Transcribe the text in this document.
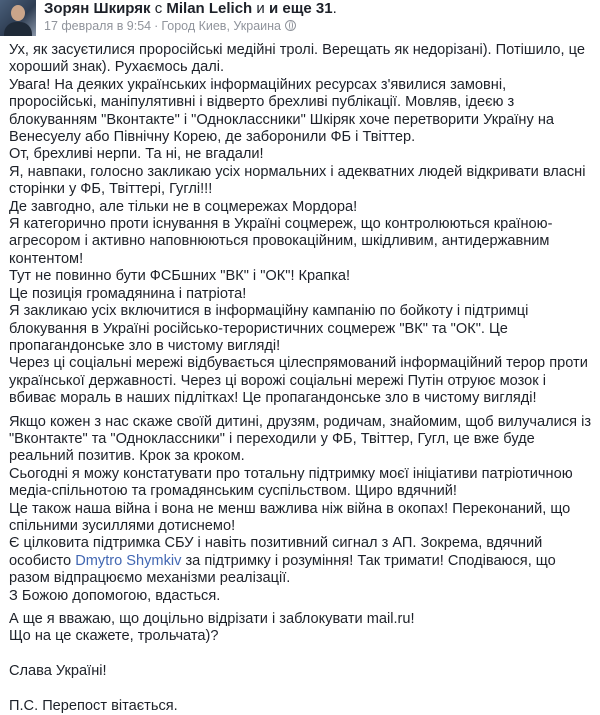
Зорян Шкиряк с Milan Lelich и и еще 31.
17 февраля в 9:54 · Город Киев, Украина

Ух, як засуєтилися проросійські медійні тролі. Верещать як недорізані). Потішило, це хороший знак). Рухаємось далі.

Увага! На деяких українських інформаційних ресурсах з'явилися замовні, проросійські, маніпулятивні і відверто брехливі публікації. Мовляв, ідеєю з блокуванням "Вконтакте" і "Одноклассники" Шкіряк хоче перетворити Україну на Венесуелу або Північну Корею, де заборонили ФБ і Твіттер.

От, брехливі нерпи. Та ні, не вгадали!

Я, навпаки, голосно закликаю усіх нормальних і адекватних людей відкривати власні сторінки у ФБ, Твіттері, Гуглі!!!

Де завгодно, але тільки не в соцмережах Мордора!

Я категорично проти існування в Україні соцмереж, що контролюються країною-агресором і активно наповнюються провокаційним, шкідливим, антидержавним контентом!

Тут не повинно бути ФСБшних "ВК" і "ОК"! Крапка!

Це позиція громадянина і патріота!

Я закликаю усіх включитися в інформаційну кампанію по бойкоту і підтримці блокування в Україні російсько-терористичних соцмереж "ВК" та "ОК". Це пропагандонське зло в чистому вигляді!

Через ці соціальні мережі відбувається цілеспрямований інформаційний терор проти української державності. Через ці ворожі соціальні мережі Путін отруює мозок і вбиває мораль в наших підлітках! Це пропагандонське зло в чистому вигляді!

Якщо кожен з нас скаже своїй дитині, друзям, родичам, знайомим, щоб вилучалися із "Вконтакте" та "Одноклассники" і переходили у ФБ, Твіттер, Гугл, це вже буде реальний позитив. Крок за кроком.

Сьогодні я можу констатувати про тотальну підтримку моєї ініціативи патріотичною медіа-спільнотою та громадянським суспільством. Щиро вдячний!

Це також наша війна і вона не менш важлива ніж війна в окопах! Переконаний, що спільними зусиллями дотиснемо!

Є цілковита підтримка СБУ і навіть позитивний сигнал з АП. Зокрема, вдячний особисто Dmytro Shymkiv за підтримку і розуміння! Так тримати! Сподіваюся, що разом відпрацюємо механізми реалізації.

З Божою допомогою, вдасться.

А ще я вважаю, що доцільно відрізати і заблокувати mail.ru!

Що на це скажете, трольчата)?

Слава Україні!

П.С. Перепост вітається.
